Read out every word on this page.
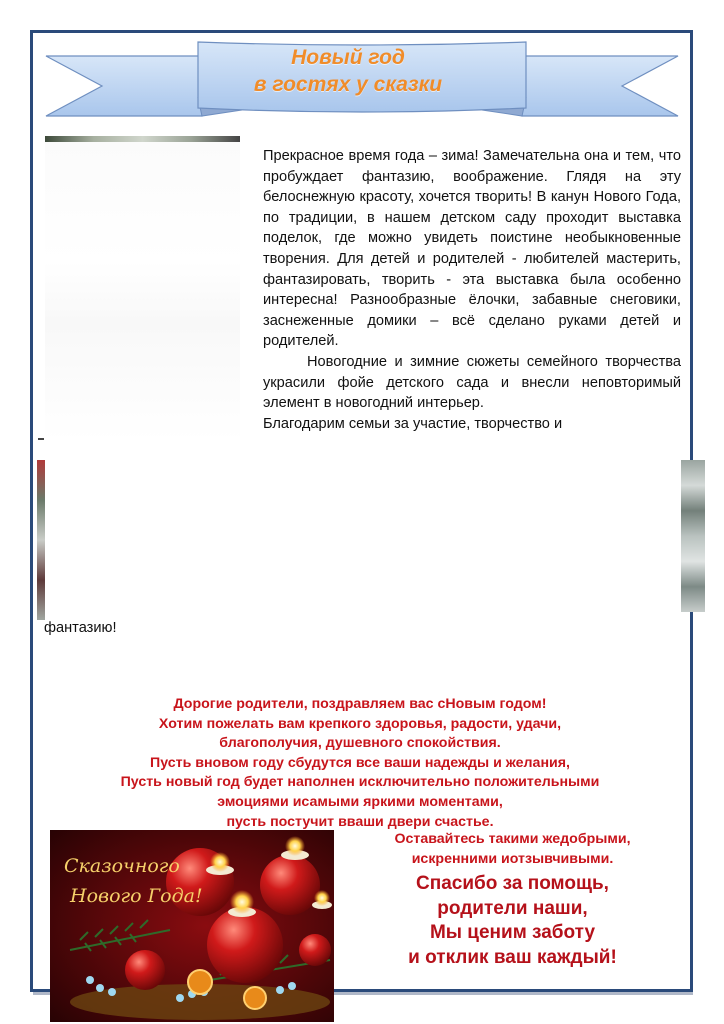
Новый год
в гостях у сказки

Прекрасное время года – зима! Замечательна она и тем, что пробуждает фантазию, воображение. Глядя на эту белоснежную красоту, хочется творить! В канун Нового Года, по традиции, в нашем детском саду проходит выставка поделок, где можно увидеть поистине необыкновенные творения. Для детей и родителей - любителей мастерить, фантазировать, творить - эта выставка была особенно интересна! Разнообразные ёлочки, забавные снеговики, заснеженные домики – всё сделано руками детей и родителей.

Новогодние и зимние сюжеты семейного творчества украсили фойе детского сада и внесли неповторимый элемент в новогодний интерьер.

Благодарим семьи за участие, творчество и

фантазию!

Дорогие родители, поздравляем вас сНовым годом!

Хотим пожелать вам крепкого здоровья, радости, удачи,

благополучия, душевного спокойствия.

Пусть вновом году сбудутся все ваши надежды и желания,

Пусть новый год будет наполнен исключительно положительными

эмоциями исамыми яркими моментами,

пусть постучит вваши двери счастье.

Оставайтесь такими жедобрыми,

искренними иотзывчивыми.

Спасибо за помощь,

родители наши,

Мы ценим заботу

и отклик ваш каждый!

Сказочного
Нового Года!
